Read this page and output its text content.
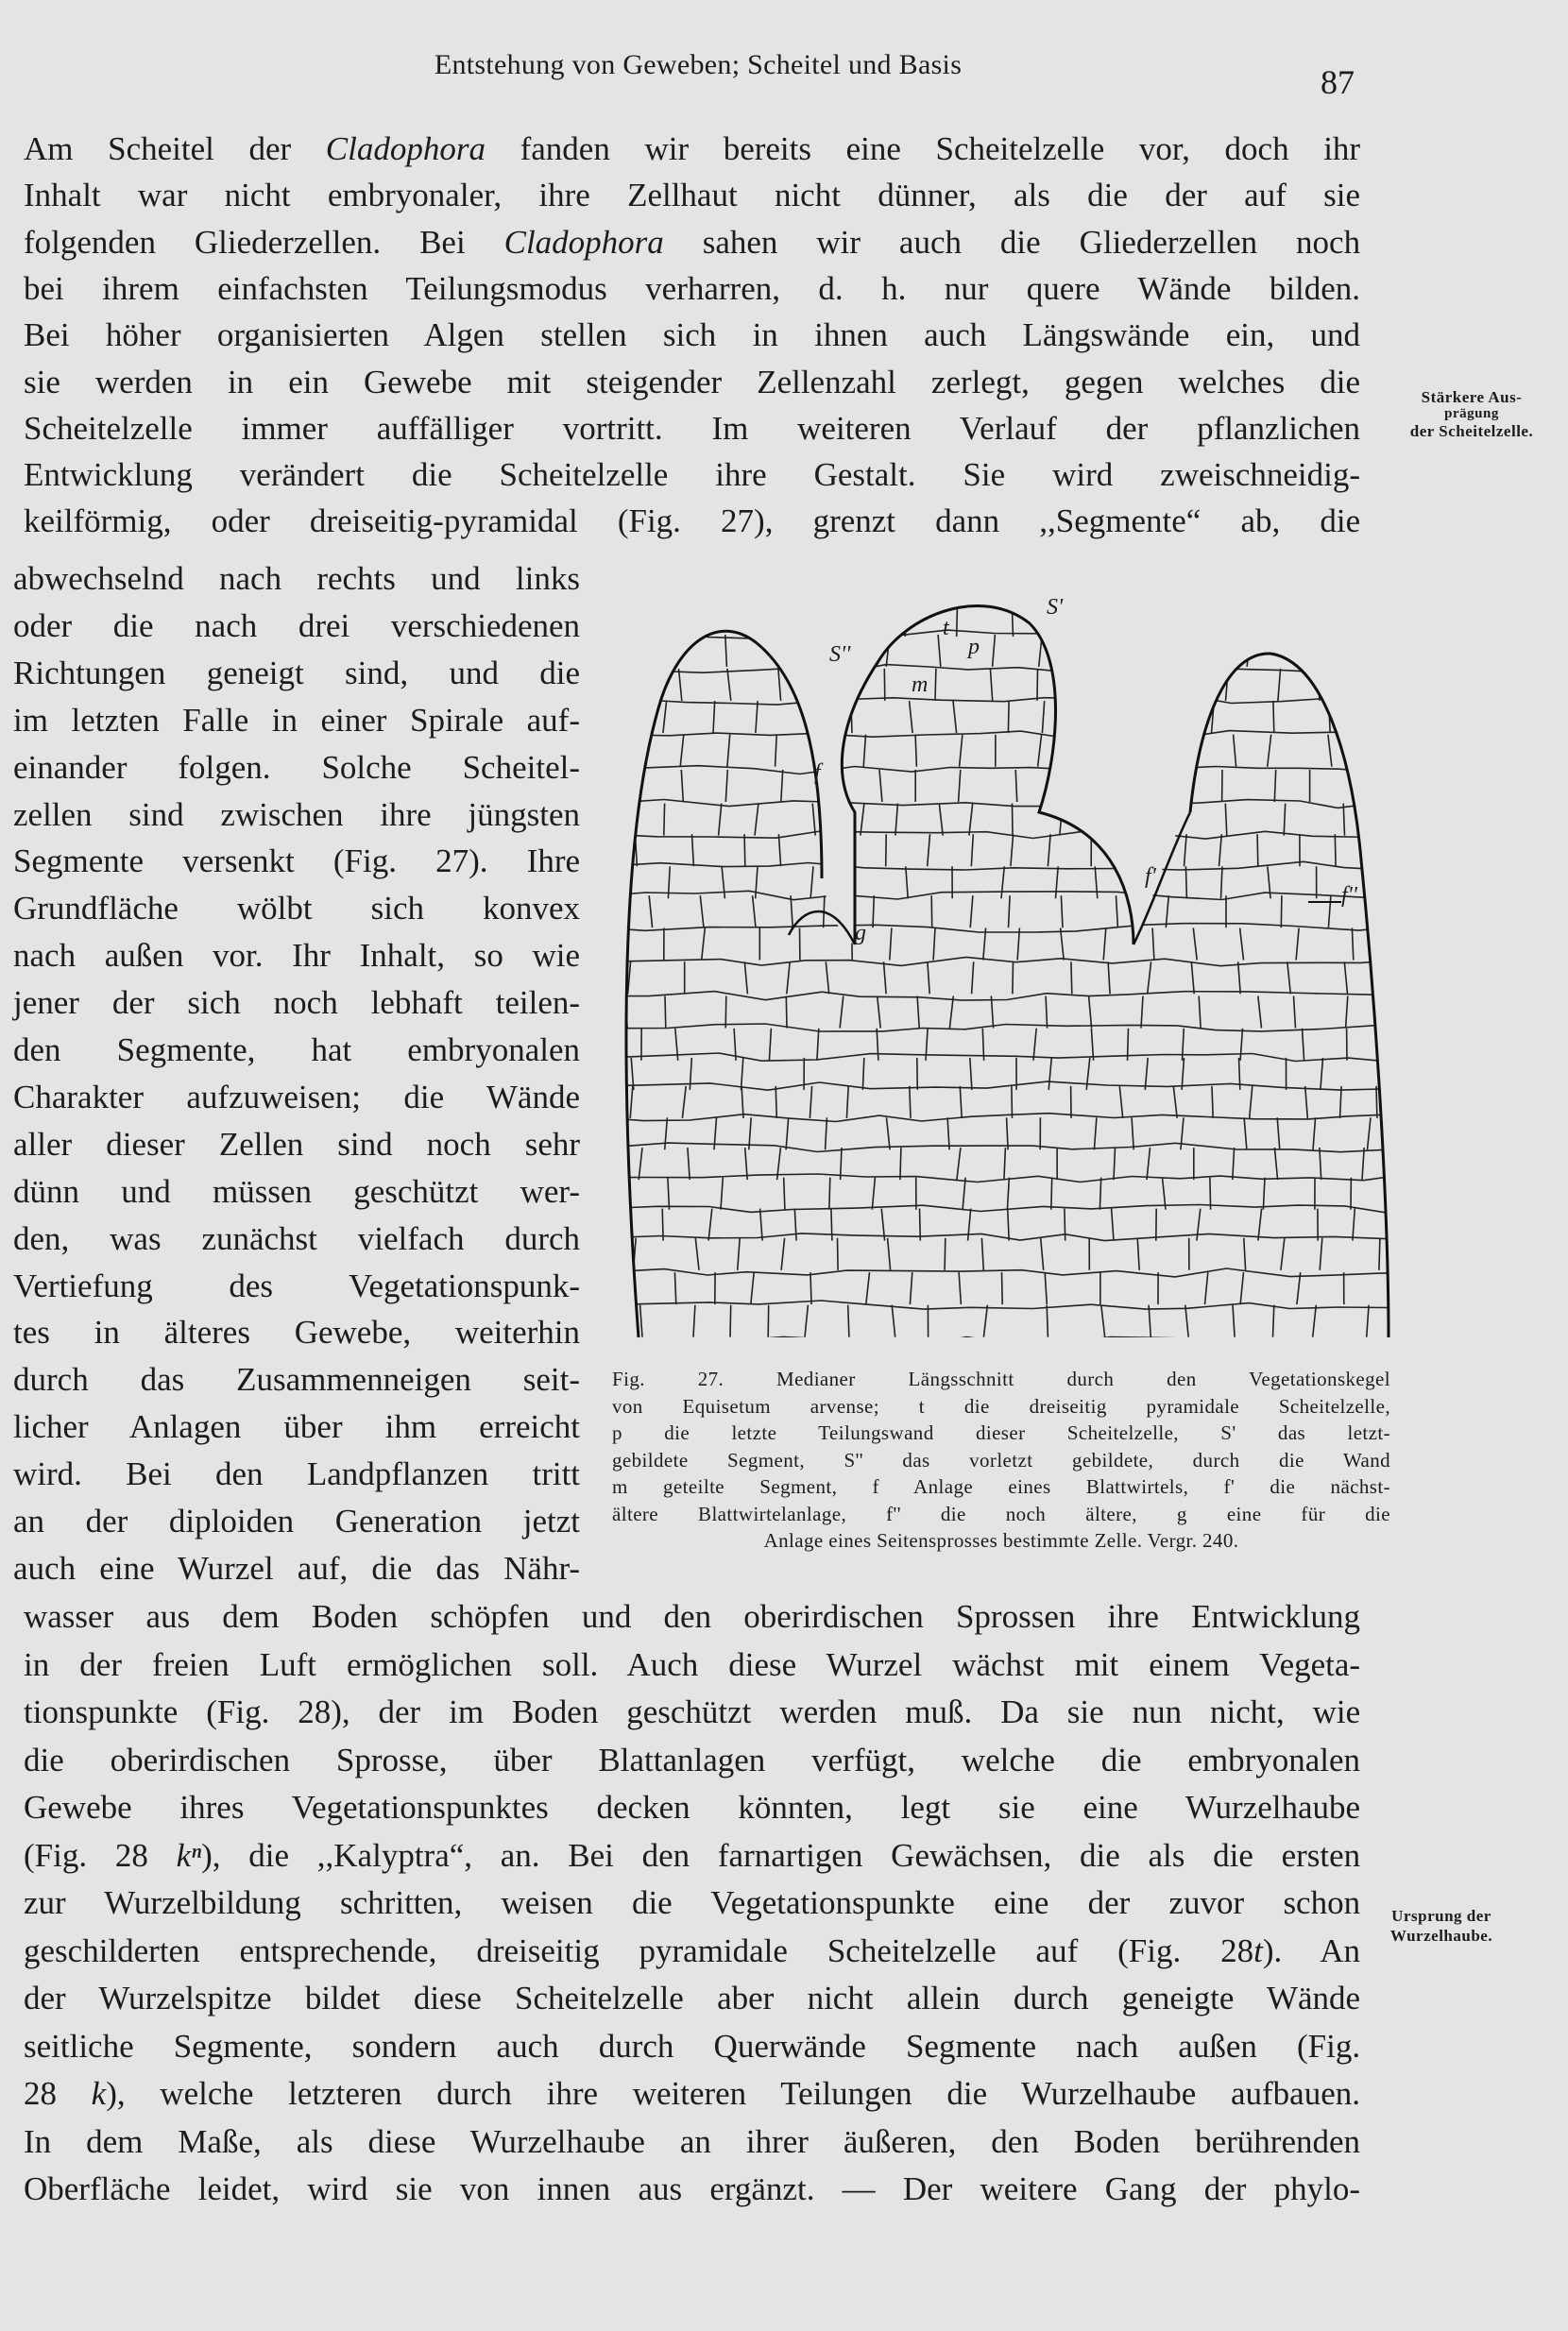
Entstehung von Geweben; Scheitel und Basis	87
Am Scheitel der Cladophora fanden wir bereits eine Scheitelzelle vor, doch ihr
Inhalt war nicht embryonaler, ihre Zellhaut nicht dünner, als die der auf sie
folgenden Gliederzellen. Bei Cladophora sahen wir auch die Gliederzellen noch
bei ihrem einfachsten Teilungsmodus verharren, d. h. nur quere Wände bilden.
Bei höher organisierten Algen stellen sich in ihnen auch Längswände ein, und
sie werden in ein Gewebe mit steigender Zellenzahl zerlegt, gegen welches die
Scheitelzelle immer auffälliger vortritt. Im weiteren Verlauf der pflanzlichen
Entwicklung verändert die Scheitelzelle ihre Gestalt. Sie wird zweischneidig-
keilförmig, oder dreiseitig-pyramidal (Fig. 27), grenzt dann ,,Segmente“ ab, die
abwechselnd nach rechts und links
oder die nach drei verschiedenen
Richtungen geneigt sind, und die
im letzten Falle in einer Spirale auf-
einander folgen. Solche Scheitel-
zellen sind zwischen ihre jüngsten
Segmente versenkt (Fig. 27). Ihre
Grundfläche wölbt sich konvex
nach außen vor. Ihr Inhalt, so wie
jener der sich noch lebhaft teilen-
den Segmente, hat embryonalen
Charakter aufzuweisen; die Wände
aller dieser Zellen sind noch sehr
dünn und müssen geschützt wer-
den, was zunächst vielfach durch
Vertiefung des Vegetationspunk-
tes in älteres Gewebe, weiterhin
durch das Zusammenneigen seit-
licher Anlagen über ihm erreicht
wird. Bei den Landpflanzen tritt
an der diploiden Generation jetzt
auch eine Wurzel auf, die das Nähr-
wasser aus dem Boden schöpfen und den oberirdischen Sprossen ihre Entwicklung
in der freien Luft ermöglichen soll. Auch diese Wurzel wächst mit einem Vegeta-
tionspunkte (Fig. 28), der im Boden geschützt werden muß. Da sie nun nicht, wie
die oberirdischen Sprosse, über Blattanlagen verfügt, welche die embryonalen
Gewebe ihres Vegetationspunktes decken könnten, legt sie eine Wurzelhaube
(Fig. 28 kⁿ), die ,,Kalyptra“, an. Bei den farnartigen Gewächsen, die als die ersten
zur Wurzelbildung schritten, weisen die Vegetationspunkte eine der zuvor schon
geschilderten entsprechende, dreiseitig pyramidale Scheitelzelle auf (Fig. 28t). An
der Wurzelspitze bildet diese Scheitelzelle aber nicht allein durch geneigte Wände
seitliche Segmente, sondern auch durch Querwände Segmente nach außen (Fig.
28 k), welche letzteren durch ihre weiteren Teilungen die Wurzelhaube aufbauen.
In dem Maße, als diese Wurzelhaube an ihrer äußeren, den Boden berührenden
Oberfläche leidet, wird sie von innen aus ergänzt. — Der weitere Gang der phylo-
Stärkere Aus-
prägung
der Scheitelzelle.
Ursprung der
Wurzelhaube.
S''
t
p
S'
m
f
g
f'
f''
Fig. 27. Medianer Längsschnitt durch den Vegetationskegel
von Equisetum arvense; t die dreiseitig pyramidale Scheitelzelle,
p die letzte Teilungswand dieser Scheitelzelle, S' das letzt-
gebildete Segment, S'' das vorletzt gebildete, durch die Wand
m geteilte Segment, f Anlage eines Blattwirtels, f' die nächst-
ältere Blattwirtelanlage, f'' die noch ältere, g eine für die
Anlage eines Seitensprosses bestimmte Zelle. Vergr. 240.
